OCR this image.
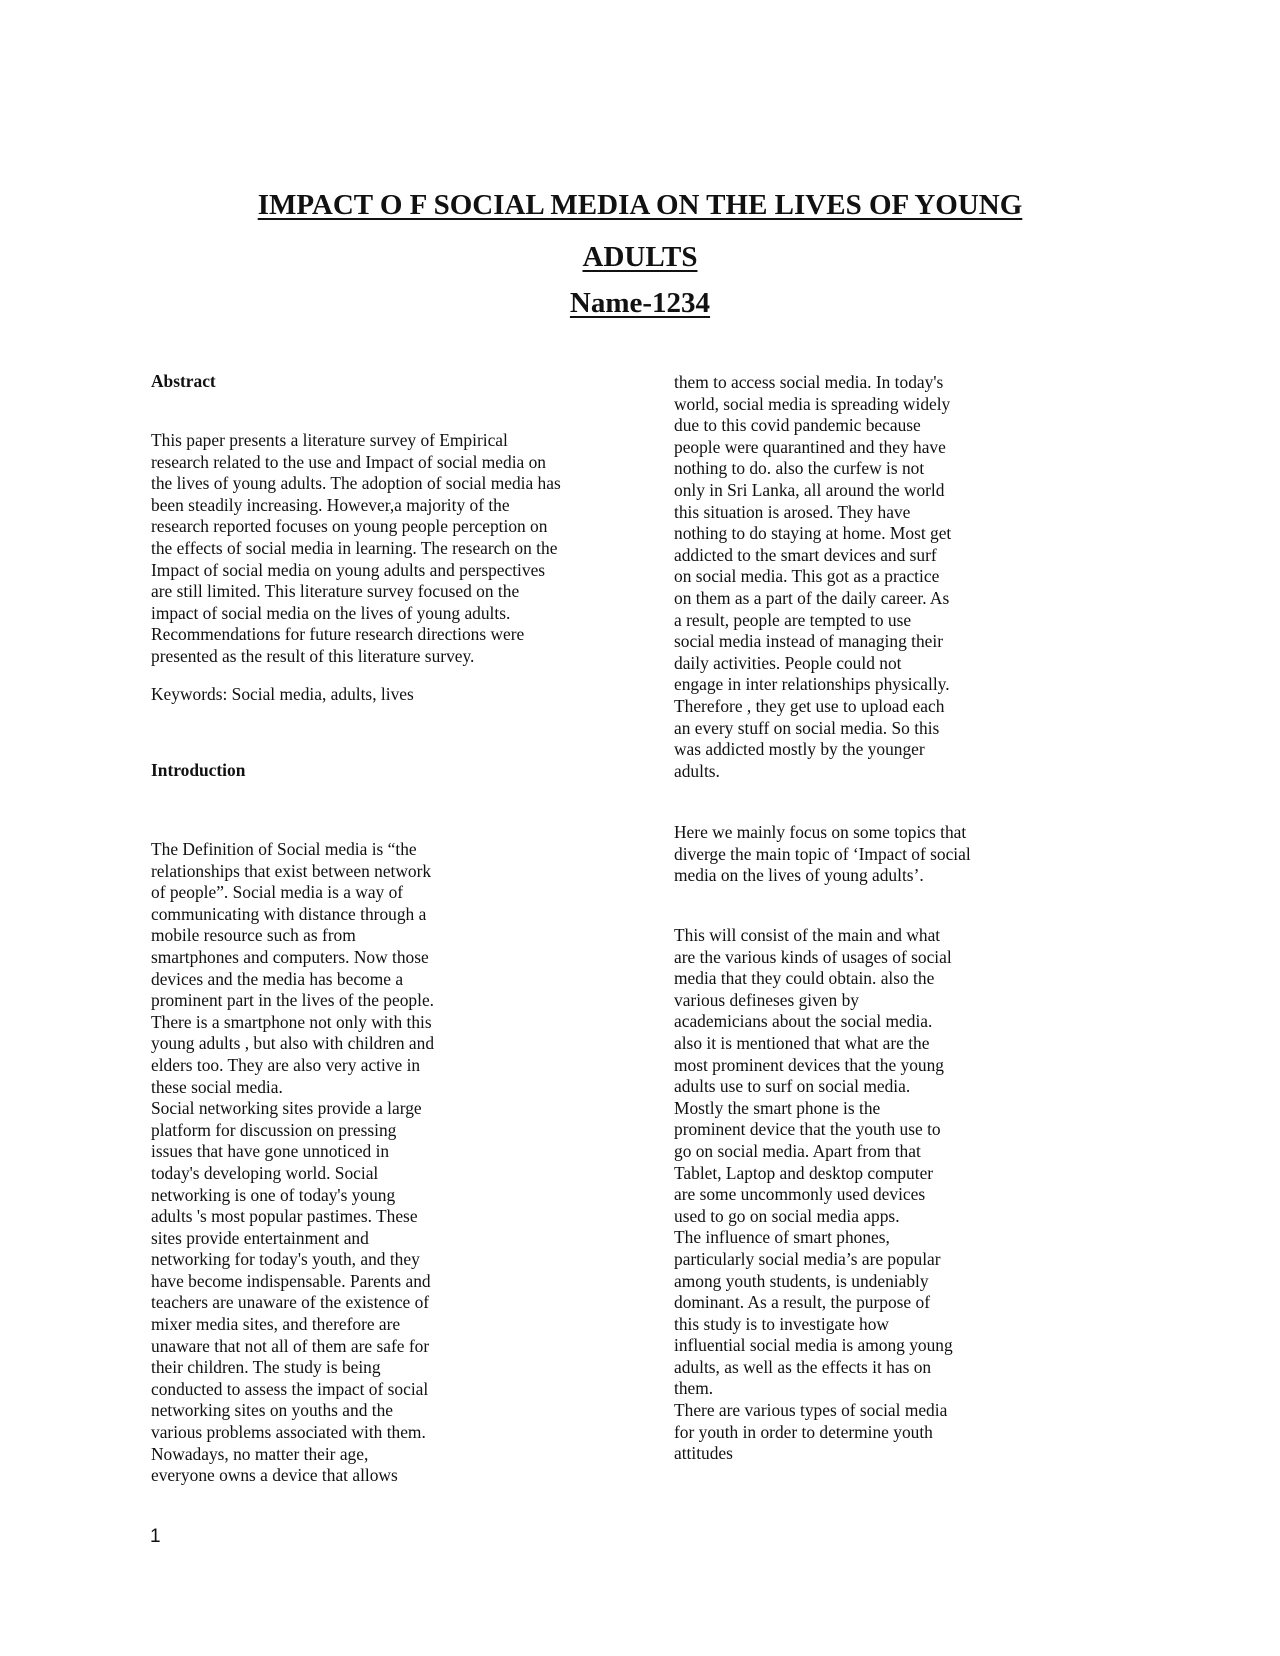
IMPACT O F SOCIAL MEDIA ON THE LIVES OF YOUNG
ADULTS
Name-1234
Abstract
This paper presents a literature survey of Empirical
research related to the use and Impact of social media on
the lives of young adults. The adoption of social media has
been steadily increasing. However,a majority of the
research reported focuses on young people perception on
the effects of social media in learning. The research on the
Impact of social media on young adults and perspectives
are still limited. This literature survey focused on the
impact of social media on the lives of young adults.
Recommendations for future research directions were
presented as the result of this literature survey.
Keywords: Social media, adults, lives
Introduction
The Definition of Social media is “the
relationships that exist between network
of people”. Social media is a way of
communicating with distance through a
mobile resource such as from
smartphones and computers. Now those
devices and the media has become a
prominent part in the lives of the people.
There is a smartphone not only with this
young adults , but also with children and
elders too. They are also very active in
these social media.
Social networking sites provide a large
platform for discussion on pressing
issues that have gone unnoticed in
today's developing world. Social
networking is one of today's young
adults 's most popular pastimes. These
sites provide entertainment and
networking for today's youth, and they
have become indispensable. Parents and
teachers are unaware of the existence of
mixer media sites, and therefore are
unaware that not all of them are safe for
their children. The study is being
conducted to assess the impact of social
networking sites on youths and the
various problems associated with them.
Nowadays, no matter their age,
everyone owns a device that allows
them to access social media. In today's
world, social media is spreading widely
due to this covid pandemic because
people were quarantined and they have
nothing to do. also the curfew is not
only in Sri Lanka, all around the world
this situation is arosed. They have
nothing to do staying at home. Most get
addicted to the smart devices and surf
on social media. This got as a practice
on them as a part of the daily career. As
a result, people are tempted to use
social media instead of managing their
daily activities. People could not
engage in inter relationships physically.
Therefore , they get use to upload each
an every stuff on social media. So this
was addicted mostly by the younger
adults.
Here we mainly focus on some topics that
diverge the main topic of ‘Impact of social
media on the lives of young adults’.
This will consist of the main and what
are the various kinds of usages of social
media that they could obtain. also the
various defineses given by
academicians about the social media.
also it is mentioned that what are the
most prominent devices that the young
adults use to surf on social media.
Mostly the smart phone is the
prominent device that the youth use to
go on social media. Apart from that
Tablet, Laptop and desktop computer
are some uncommonly used devices
used to go on social media apps.
The influence of smart phones,
particularly social media’s are popular
among youth students, is undeniably
dominant. As a result, the purpose of
this study is to investigate how
influential social media is among young
adults, as well as the effects it has on
them.
There are various types of social media
for youth in order to determine youth
attitudes
1
